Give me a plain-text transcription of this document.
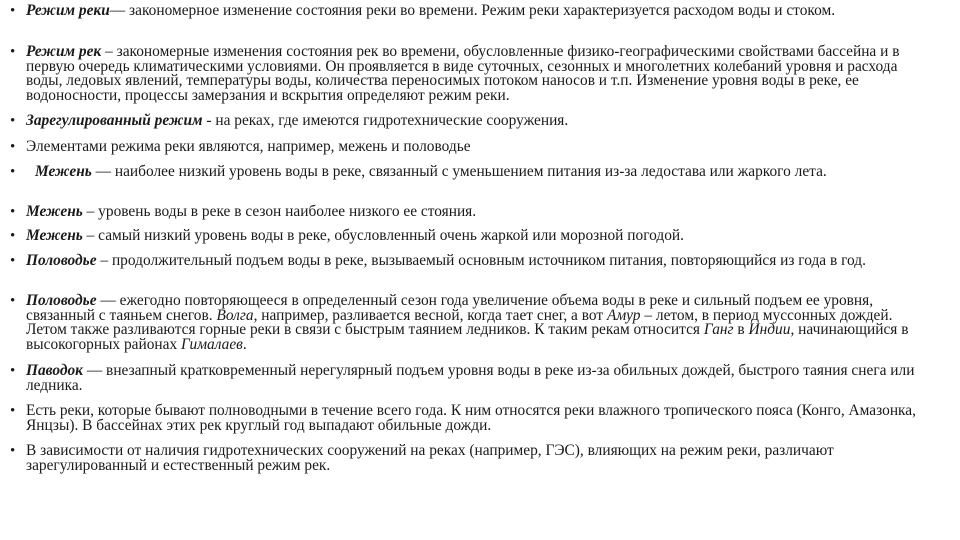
• Режим реки— закономерное изменение состояния реки во времени. Режим реки характеризуется расходом воды и стоком.
• Режим рек – закономерные изменения состояния рек во времени, обусловленные физико-географическими свойствами бассейна и в первую очередь климатическими условиями. Он проявляется в виде суточных, сезонных и многолетних колебаний уровня и расхода воды, ледовых явлений, температуры воды, количества переносимых потоком наносов и т.п. Изменение уровня воды в реке, ее водоносности, процессы замерзания и вскрытия определяют режим реки.
• Зарегулированный режим - на реках, где имеются гидротехнические сооружения.
• Элементами режима реки являются, например, межень и половодье
• Межень — наиболее низкий уровень воды в реке, связанный с уменьшением питания из-за ледостава или жаркого лета.
• Межень – уровень воды в реке в сезон наиболее низкого ее стояния.
• Межень – самый низкий уровень воды в реке, обусловленный очень жаркой или морозной погодой.
• Половодье – продолжительный подъем воды в реке, вызываемый основным источником питания, повторяющийся из года в год.
• Половодье — ежегодно повторяющееся в определенный сезон года увеличение объема воды в реке и сильный подъем ее уровня, связанный с таяньем снегов. Волга, например, разливается весной, когда тает снег, а вот Амур – летом, в период муссонных дождей. Летом также разливаются горные реки в связи с быстрым таянием ледников. К таким рекам относится Ганг в Индии, начинающийся в высокогорных районах Гималаев.
• Паводок — внезапный кратковременный нерегулярный подъем уровня воды в реке из-за обильных дождей, быстрого таяния снега или ледника.
• Есть реки, которые бывают полноводными в течение всего года. К ним относятся реки влажного тропического пояса (Конго, Амазонка, Янцзы). В бассейнах этих рек круглый год выпадают обильные дожди.
• В зависимости от наличия гидротехнических сооружений на реках (например, ГЭС), влияющих на режим реки, различают зарегулированный и естественный режим рек.
